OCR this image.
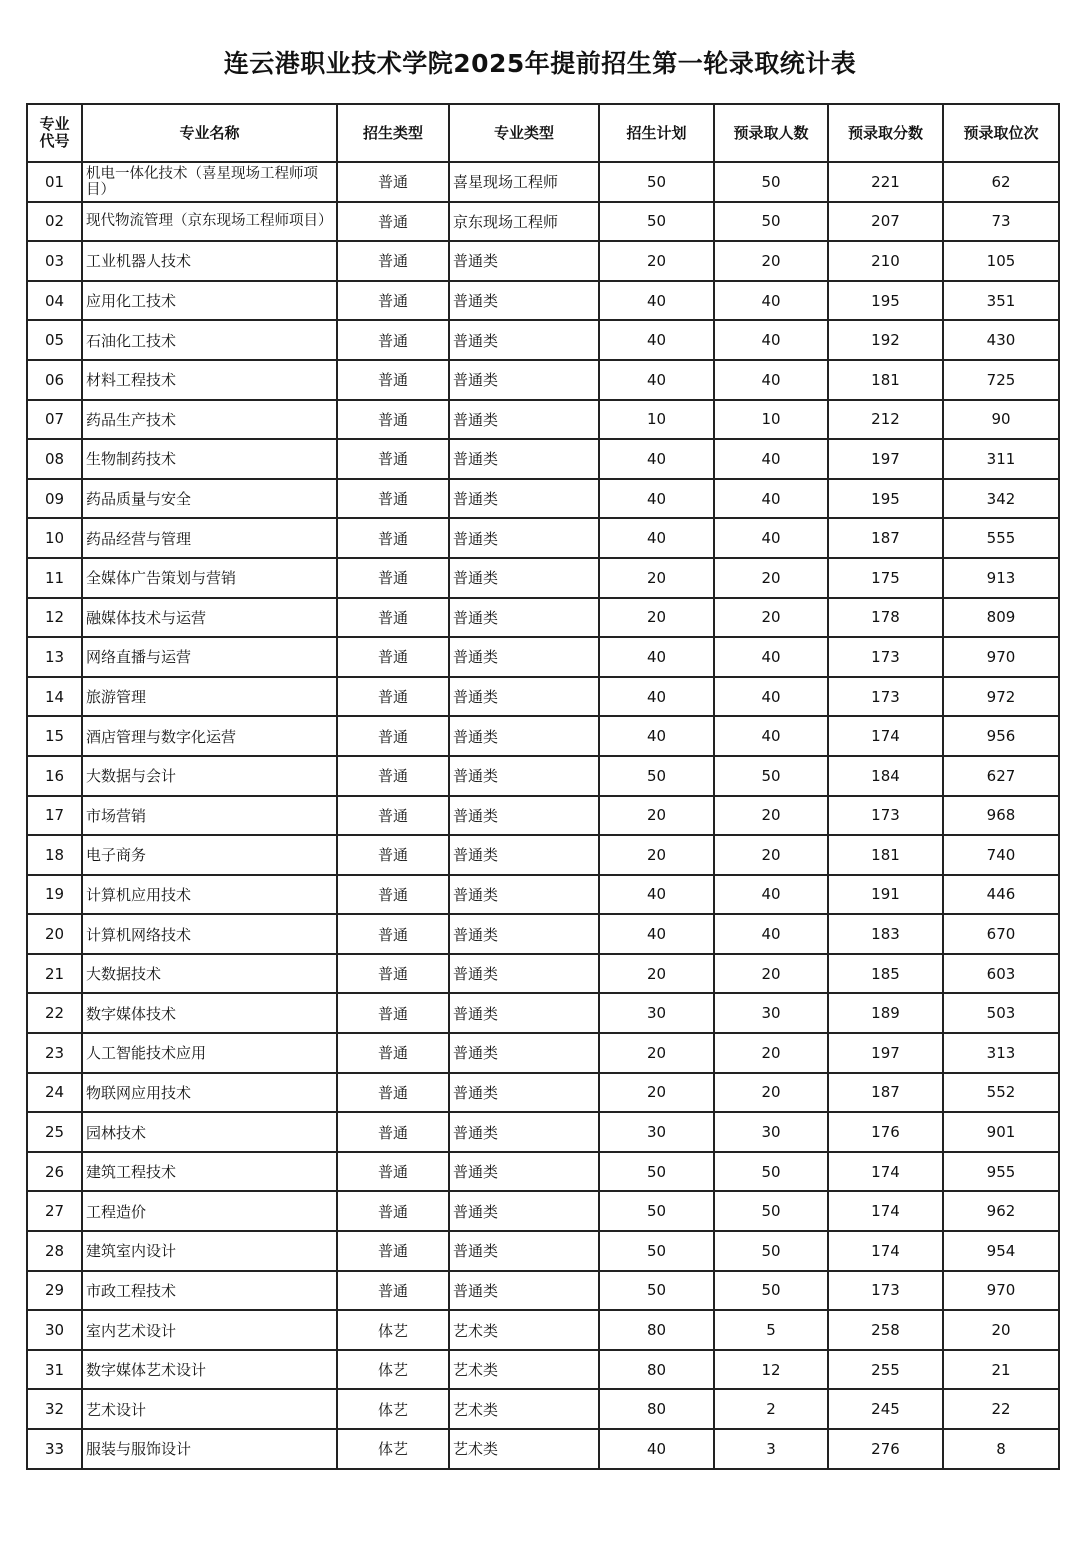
连云港职业技术学院2025年提前招生第一轮录取统计表
专业代号	专业名称	招生类型	专业类型	招生计划	预录取人数	预录取分数	预录取位次
01	机电一体化技术（喜星现场工程师项目）	普通	喜星现场工程师	50	50	221	62
02	现代物流管理（京东现场工程师项目）	普通	京东现场工程师	50	50	207	73
03	工业机器人技术	普通	普通类	20	20	210	105
04	应用化工技术	普通	普通类	40	40	195	351
05	石油化工技术	普通	普通类	40	40	192	430
06	材料工程技术	普通	普通类	40	40	181	725
07	药品生产技术	普通	普通类	10	10	212	90
08	生物制药技术	普通	普通类	40	40	197	311
09	药品质量与安全	普通	普通类	40	40	195	342
10	药品经营与管理	普通	普通类	40	40	187	555
11	全媒体广告策划与营销	普通	普通类	20	20	175	913
12	融媒体技术与运营	普通	普通类	20	20	178	809
13	网络直播与运营	普通	普通类	40	40	173	970
14	旅游管理	普通	普通类	40	40	173	972
15	酒店管理与数字化运营	普通	普通类	40	40	174	956
16	大数据与会计	普通	普通类	50	50	184	627
17	市场营销	普通	普通类	20	20	173	968
18	电子商务	普通	普通类	20	20	181	740
19	计算机应用技术	普通	普通类	40	40	191	446
20	计算机网络技术	普通	普通类	40	40	183	670
21	大数据技术	普通	普通类	20	20	185	603
22	数字媒体技术	普通	普通类	30	30	189	503
23	人工智能技术应用	普通	普通类	20	20	197	313
24	物联网应用技术	普通	普通类	20	20	187	552
25	园林技术	普通	普通类	30	30	176	901
26	建筑工程技术	普通	普通类	50	50	174	955
27	工程造价	普通	普通类	50	50	174	962
28	建筑室内设计	普通	普通类	50	50	174	954
29	市政工程技术	普通	普通类	50	50	173	970
30	室内艺术设计	体艺	艺术类	80	5	258	20
31	数字媒体艺术设计	体艺	艺术类	80	12	255	21
32	艺术设计	体艺	艺术类	80	2	245	22
33	服装与服饰设计	体艺	艺术类	40	3	276	8
